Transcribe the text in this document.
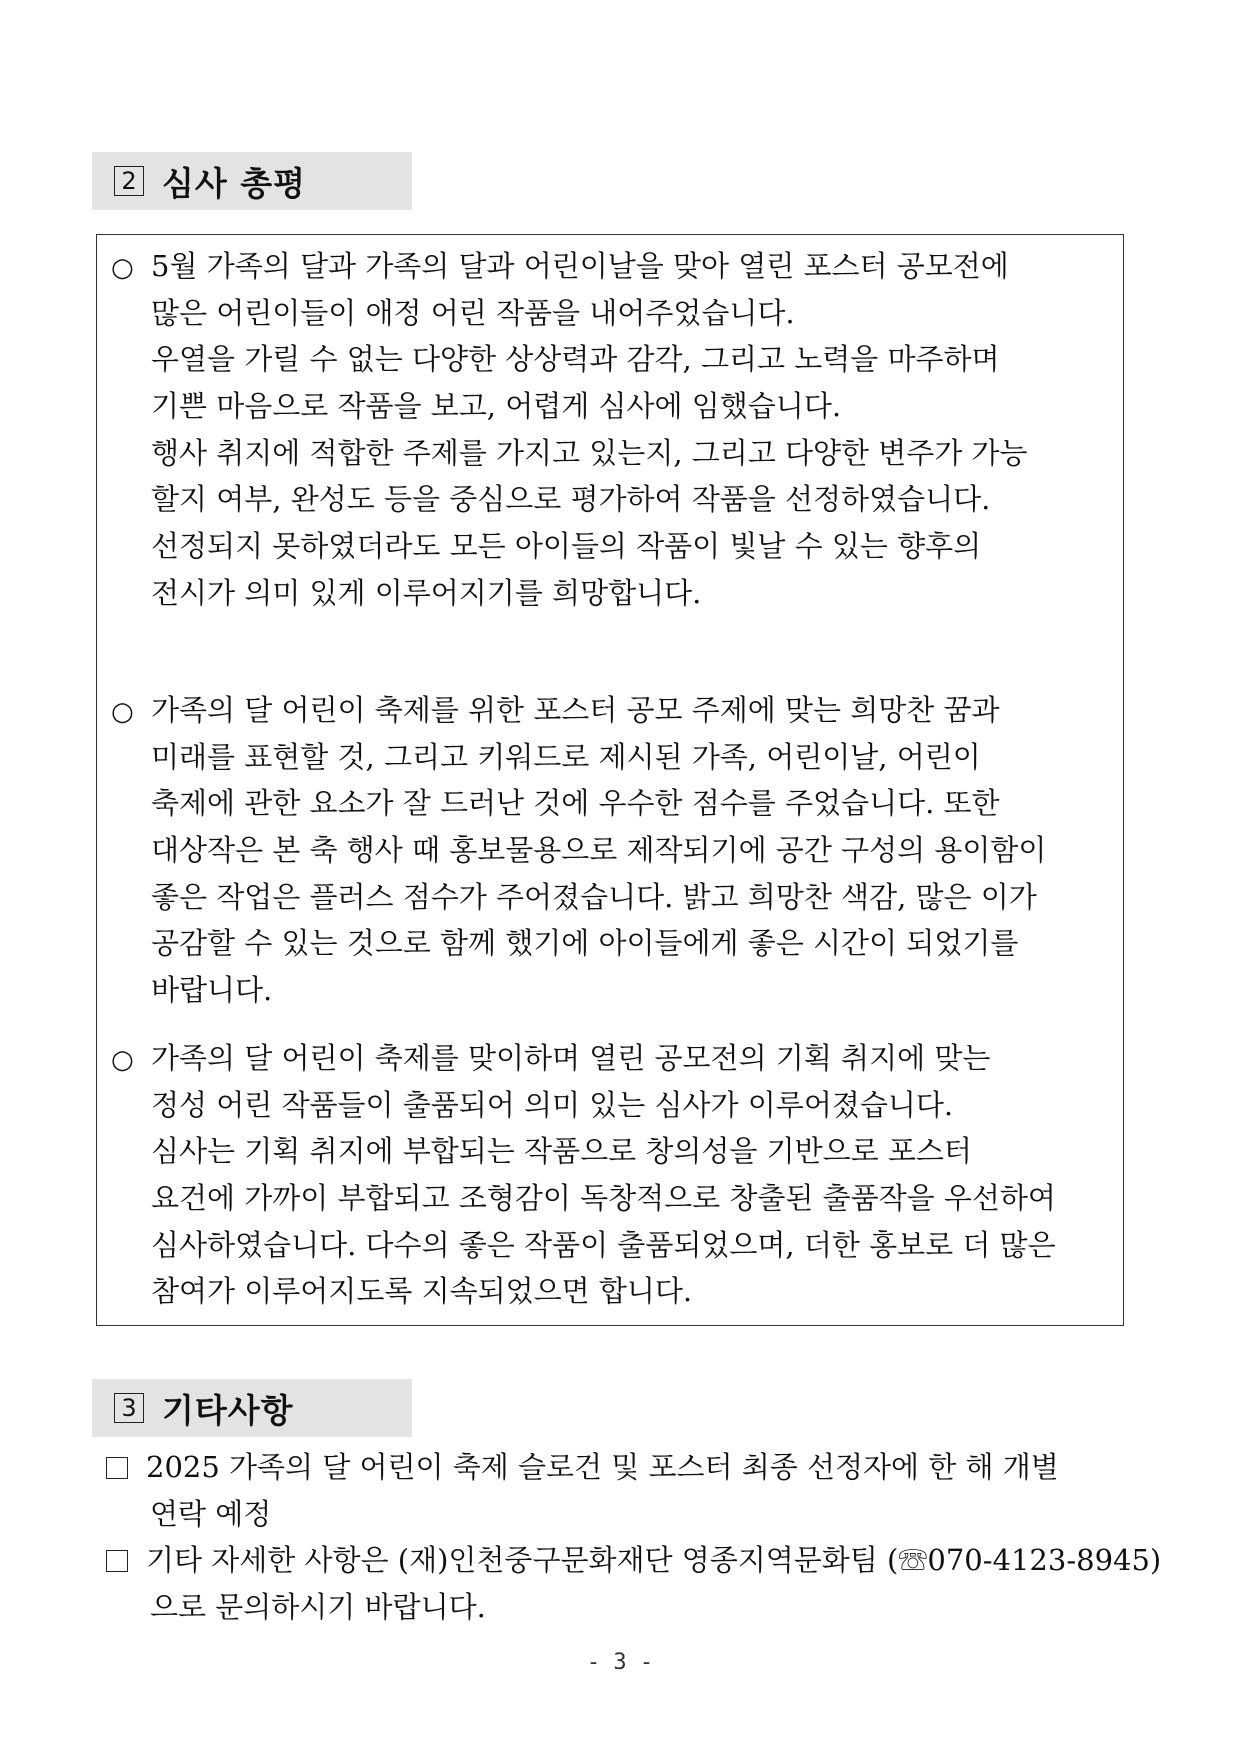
2 심사 총평
○ 5월 가족의 달과 가족의 달과 어린이날을 맞아 열린 포스터 공모전에
많은 어린이들이 애정 어린 작품을 내어주었습니다.
우열을 가릴 수 없는 다양한 상상력과 감각, 그리고 노력을 마주하며
기쁜 마음으로 작품을 보고, 어렵게 심사에 임했습니다.
행사 취지에 적합한 주제를 가지고 있는지, 그리고 다양한 변주가 가능
할지 여부, 완성도 등을 중심으로 평가하여 작품을 선정하였습니다.
선정되지 못하였더라도 모든 아이들의 작품이 빛날 수 있는 향후의
전시가 의미 있게 이루어지기를 희망합니다.
○ 가족의 달 어린이 축제를 위한 포스터 공모 주제에 맞는 희망찬 꿈과
미래를 표현할 것, 그리고 키워드로 제시된 가족, 어린이날, 어린이
축제에 관한 요소가 잘 드러난 것에 우수한 점수를 주었습니다. 또한
대상작은 본 축 행사 때 홍보물용으로 제작되기에 공간 구성의 용이함이
좋은 작업은 플러스 점수가 주어졌습니다. 밝고 희망찬 색감, 많은 이가
공감할 수 있는 것으로 함께 했기에 아이들에게 좋은 시간이 되었기를
바랍니다.
○ 가족의 달 어린이 축제를 맞이하며 열린 공모전의 기획 취지에 맞는
정성 어린 작품들이 출품되어 의미 있는 심사가 이루어졌습니다.
심사는 기획 취지에 부합되는 작품으로 창의성을 기반으로 포스터
요건에 가까이 부합되고 조형감이 독창적으로 창출된 출품작을 우선하여
심사하였습니다. 다수의 좋은 작품이 출품되었으며, 더한 홍보로 더 많은
참여가 이루어지도록 지속되었으면 합니다.
3 기타사항
2025 가족의 달 어린이 축제 슬로건 및 포스터 최종 선정자에 한 해 개별
연락 예정
기타 자세한 사항은 (재)인천중구문화재단 영종지역문화팀 (☏070-4123-8945)
으로 문의하시기 바랍니다.
- 3 -
